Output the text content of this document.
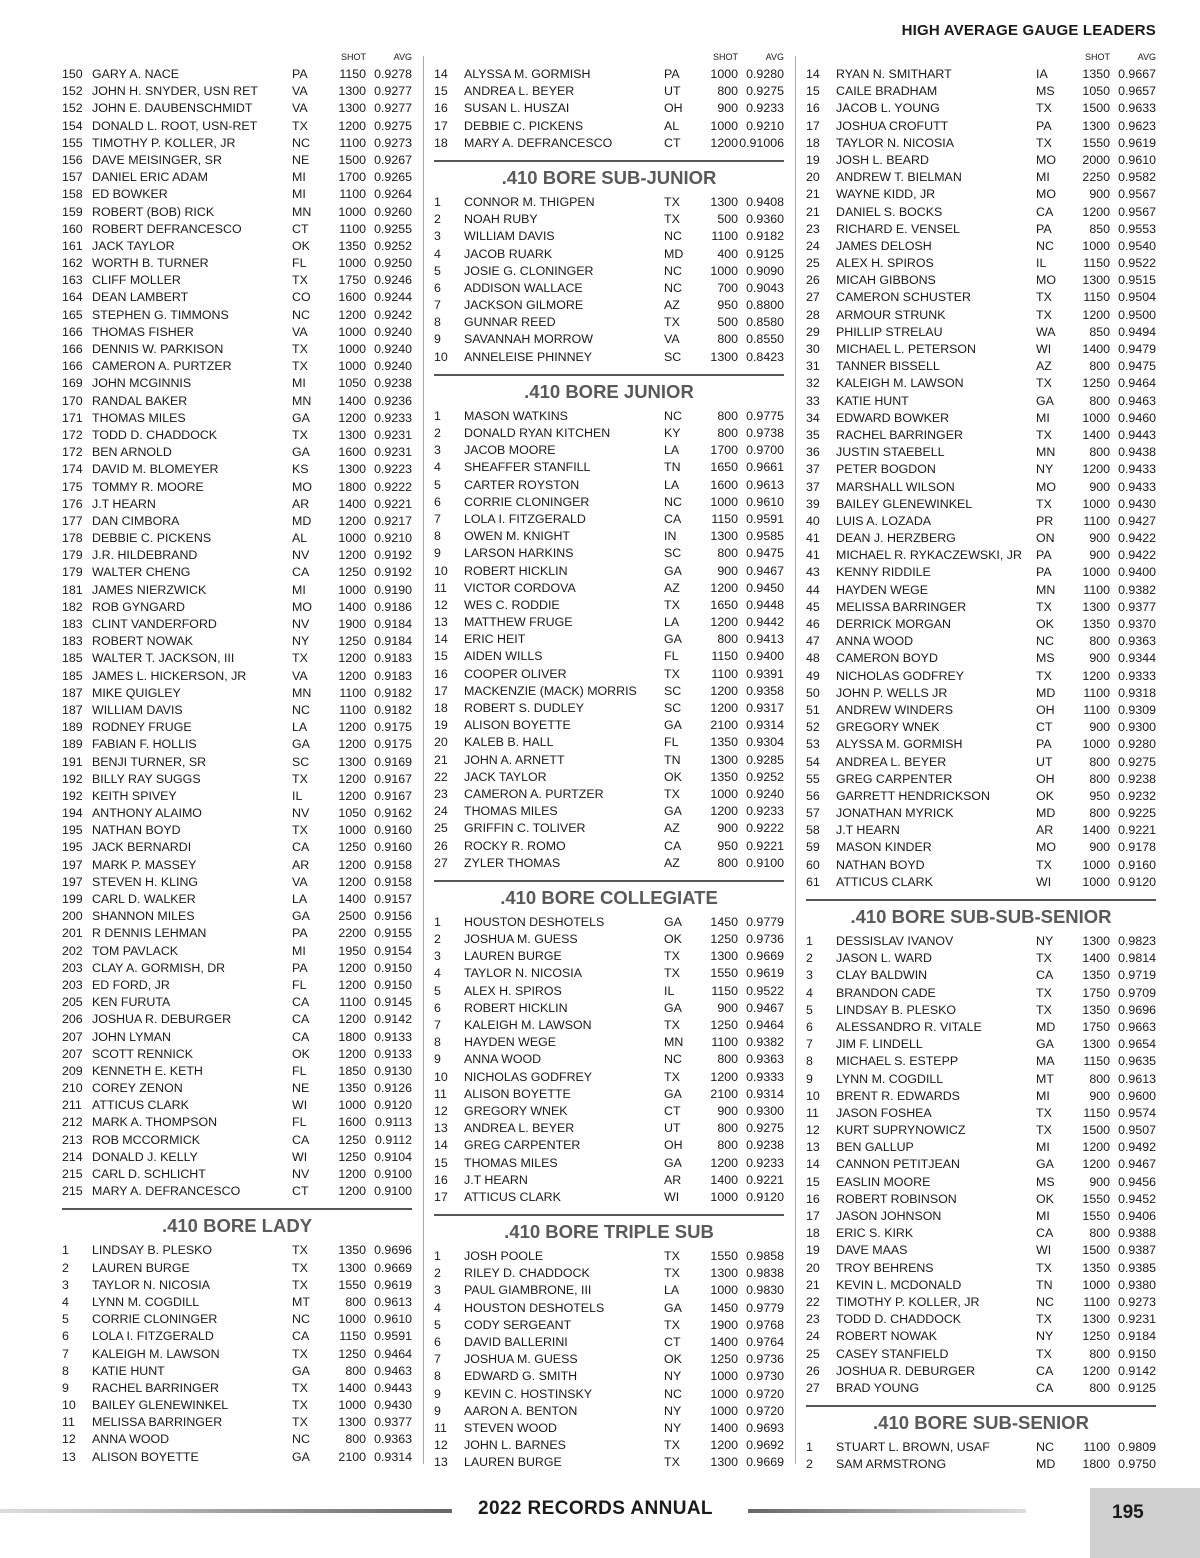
HIGH AVERAGE GAUGE LEADERS
SHOT	AVG
150 GARY A. NACE	PA	1150 0.9278
152 JOHN H. SNYDER, USN RET	VA	1300 0.9277
152 JOHN E. DAUBENSCHMIDT	VA	1300 0.9277
154 DONALD L. ROOT, USN-RET	TX	1200 0.9275
155 TIMOTHY P. KOLLER, JR	NC	1100 0.9273
156 DAVE MEISINGER, SR	NE	1500 0.9267
157 DANIEL ERIC ADAM	MI	1700 0.9265
158 ED BOWKER	MI	1100 0.9264
159 ROBERT (BOB) RICK	MN	1000 0.9260
160 ROBERT DEFRANCESCO	CT	1100 0.9255
161 JACK TAYLOR	OK	1350 0.9252
162 WORTH B. TURNER	FL	1000 0.9250
163 CLIFF MOLLER	TX	1750 0.9246
164 DEAN LAMBERT	CO	1600 0.9244
165 STEPHEN G. TIMMONS	NC	1200 0.9242
166 THOMAS FISHER	VA	1000 0.9240
166 DENNIS W. PARKISON	TX	1000 0.9240
166 CAMERON A. PURTZER	TX	1000 0.9240
169 JOHN MCGINNIS	MI	1050 0.9238
170 RANDAL BAKER	MN	1400 0.9236
171 THOMAS MILES	GA	1200 0.9233
172 TODD D. CHADDOCK	TX	1300 0.9231
172 BEN ARNOLD	GA	1600 0.9231
174 DAVID M. BLOMEYER	KS	1300 0.9223
175 TOMMY R. MOORE	MO	1800 0.9222
176 J.T HEARN	AR	1400 0.9221
177 DAN CIMBORA	MD	1200 0.9217
178 DEBBIE C. PICKENS	AL	1000 0.9210
179 J.R. HILDEBRAND	NV	1200 0.9192
179 WALTER CHENG	CA	1250 0.9192
181 JAMES NIERZWICK	MI	1000 0.9190
182 ROB GYNGARD	MO	1400 0.9186
183 CLINT VANDERFORD	NV	1900 0.9184
183 ROBERT NOWAK	NY	1250 0.9184
185 WALTER T. JACKSON, III	TX	1200 0.9183
185 JAMES L. HICKERSON, JR	VA	1200 0.9183
187 MIKE QUIGLEY	MN	1100 0.9182
187 WILLIAM DAVIS	NC	1100 0.9182
189 RODNEY FRUGE	LA	1200 0.9175
189 FABIAN F. HOLLIS	GA	1200 0.9175
191 BENJI TURNER, SR	SC	1300 0.9169
192 BILLY RAY SUGGS	TX	1200 0.9167
192 KEITH SPIVEY	IL	1200 0.9167
194 ANTHONY ALAIMO	NV	1050 0.9162
195 NATHAN BOYD	TX	1000 0.9160
195 JACK BERNARDI	CA	1250 0.9160
197 MARK P. MASSEY	AR	1200 0.9158
197 STEVEN H. KLING	VA	1200 0.9158
199 CARL D. WALKER	LA	1400 0.9157
200 SHANNON MILES	GA	2500 0.9156
201 R DENNIS LEHMAN	PA	2200 0.9155
202 TOM PAVLACK	MI	1950 0.9154
203 CLAY A. GORMISH, DR	PA	1200 0.9150
203 ED FORD, JR	FL	1200 0.9150
205 KEN FURUTA	CA	1100 0.9145
206 JOSHUA R. DEBURGER	CA	1200 0.9142
207 JOHN LYMAN	CA	1800 0.9133
207 SCOTT RENNICK	OK	1200 0.9133
209 KENNETH E. KETH	FL	1850 0.9130
210 COREY ZENON	NE	1350 0.9126
211 ATTICUS CLARK	WI	1000 0.9120
212 MARK A. THOMPSON	FL	1600 0.9113
213 ROB MCCORMICK	CA	1250 0.9112
214 DONALD J. KELLY	WI	1250 0.9104
215 CARL D. SCHLICHT	NV	1200 0.9100
215 MARY A. DEFRANCESCO	CT	1200 0.9100
.410 BORE LADY
1 LINDSAY B. PLESKO	TX	1350 0.9696
2 LAUREN BURGE	TX	1300 0.9669
3 TAYLOR N. NICOSIA	TX	1550 0.9619
4 LYNN M. COGDILL	MT	800 0.9613
5 CORRIE CLONINGER	NC	1000 0.9610
6 LOLA I. FITZGERALD	CA	1150 0.9591
7 KALEIGH M. LAWSON	TX	1250 0.9464
8 KATIE HUNT	GA	800 0.9463
9 RACHEL BARRINGER	TX	1400 0.9443
10 BAILEY GLENEWINKEL	TX	1000 0.9430
11 MELISSA BARRINGER	TX	1300 0.9377
12 ANNA WOOD	NC	800 0.9363
13 ALISON BOYETTE	GA	2100 0.9314
SHOT	AVG
14 ALYSSA M. GORMISH	PA	1000 0.9280
15 ANDREA L. BEYER	UT	800 0.9275
16 SUSAN L. HUSZAI	OH	900 0.9233
17 DEBBIE C. PICKENS	AL	1000 0.9210
18 MARY A. DEFRANCESCO	CT	1200 0.91006
.410 BORE SUB-JUNIOR
1 CONNOR M. THIGPEN	TX	1300 0.9408
2 NOAH RUBY	TX	500 0.9360
3 WILLIAM DAVIS	NC	1100 0.9182
4 JACOB RUARK	MD	400 0.9125
5 JOSIE G. CLONINGER	NC	1000 0.9090
6 ADDISON WALLACE	NC	700 0.9043
7 JACKSON GILMORE	AZ	950 0.8800
8 GUNNAR REED	TX	500 0.8580
9 SAVANNAH MORROW	VA	800 0.8550
10 ANNELEISE PHINNEY	SC	1300 0.8423
.410 BORE JUNIOR
1 MASON WATKINS	NC	800 0.9775
2 DONALD RYAN KITCHEN	KY	800 0.9738
3 JACOB MOORE	LA	1700 0.9700
4 SHEAFFER STANFILL	TN	1650 0.9661
5 CARTER ROYSTON	LA	1600 0.9613
6 CORRIE CLONINGER	NC	1000 0.9610
7 LOLA I. FITZGERALD	CA	1150 0.9591
8 OWEN M. KNIGHT	IN	1300 0.9585
9 LARSON HARKINS	SC	800 0.9475
10 ROBERT HICKLIN	GA	900 0.9467
11 VICTOR CORDOVA	AZ	1200 0.9450
12 WES C. RODDIE	TX	1650 0.9448
13 MATTHEW FRUGE	LA	1200 0.9442
14 ERIC HEIT	GA	800 0.9413
15 AIDEN WILLS	FL	1150 0.9400
16 COOPER OLIVER	TX	1100 0.9391
17 MACKENZIE (MACK) MORRIS SC	1200 0.9358
18 ROBERT S. DUDLEY	SC	1200 0.9317
19 ALISON BOYETTE	GA	2100 0.9314
20 KALEB B. HALL	FL	1350 0.9304
21 JOHN A. ARNETT	TN	1300 0.9285
22 JACK TAYLOR	OK	1350 0.9252
23 CAMERON A. PURTZER	TX	1000 0.9240
24 THOMAS MILES	GA	1200 0.9233
25 GRIFFIN C. TOLIVER	AZ	900 0.9222
26 ROCKY R. ROMO	CA	950 0.9221
27 ZYLER THOMAS	AZ	800 0.9100
.410 BORE COLLEGIATE
1 HOUSTON DESHOTELS	GA	1450 0.9779
2 JOSHUA M. GUESS	OK	1250 0.9736
3 LAUREN BURGE	TX	1300 0.9669
4 TAYLOR N. NICOSIA	TX	1550 0.9619
5 ALEX H. SPIROS	IL	1150 0.9522
6 ROBERT HICKLIN	GA	900 0.9467
7 KALEIGH M. LAWSON	TX	1250 0.9464
8 HAYDEN WEGE	MN	1100 0.9382
9 ANNA WOOD	NC	800 0.9363
10 NICHOLAS GODFREY	TX	1200 0.9333
11 ALISON BOYETTE	GA	2100 0.9314
12 GREGORY WNEK	CT	900 0.9300
13 ANDREA L. BEYER	UT	800 0.9275
14 GREG CARPENTER	OH	800 0.9238
15 THOMAS MILES	GA	1200 0.9233
16 J.T HEARN	AR	1400 0.9221
17 ATTICUS CLARK	WI	1000 0.9120
.410 BORE TRIPLE SUB
1 JOSH POOLE	TX	1550 0.9858
2 RILEY D. CHADDOCK	TX	1300 0.9838
3 PAUL GIAMBRONE, III	LA	1000 0.9830
4 HOUSTON DESHOTELS	GA	1450 0.9779
5 CODY SERGEANT	TX	1900 0.9768
6 DAVID BALLERINI	CT	1400 0.9764
7 JOSHUA M. GUESS	OK	1250 0.9736
8 EDWARD G. SMITH	NY	1000 0.9730
9 KEVIN C. HOSTINSKY	NC	1000 0.9720
9 AARON A. BENTON	NY	1000 0.9720
11 STEVEN WOOD	NY	1400 0.9693
12 JOHN L. BARNES	TX	1200 0.9692
13 LAUREN BURGE	TX	1300 0.9669
SHOT	AVG
14 RYAN N. SMITHART	IA	1350 0.9667
15 CAILE BRADHAM	MS	1050 0.9657
16 JACOB L. YOUNG	TX	1500 0.9633
17 JOSHUA CROFUTT	PA	1300 0.9623
18 TAYLOR N. NICOSIA	TX	1550 0.9619
19 JOSH L. BEARD	MO	2000 0.9610
20 ANDREW T. BIELMAN	MI	2250 0.9582
21 WAYNE KIDD, JR	MO	900 0.9567
21 DANIEL S. BOCKS	CA	1200 0.9567
23 RICHARD E. VENSEL	PA	850 0.9553
24 JAMES DELOSH	NC	1000 0.9540
25 ALEX H. SPIROS	IL	1150 0.9522
26 MICAH GIBBONS	MO	1300 0.9515
27 CAMERON SCHUSTER	TX	1150 0.9504
28 ARMOUR STRUNK	TX	1200 0.9500
29 PHILLIP STRELAU	WA	850 0.9494
30 MICHAEL L. PETERSON	WI	1400 0.9479
31 TANNER BISSELL	AZ	800 0.9475
32 KALEIGH M. LAWSON	TX	1250 0.9464
33 KATIE HUNT	GA	800 0.9463
34 EDWARD BOWKER	MI	1000 0.9460
35 RACHEL BARRINGER	TX	1400 0.9443
36 JUSTIN STAEBELL	MN	800 0.9438
37 PETER BOGDON	NY	1200 0.9433
37 MARSHALL WILSON	MO	900 0.9433
39 BAILEY GLENEWINKEL	TX	1000 0.9430
40 LUIS A. LOZADA	PR	1100 0.9427
41 DEAN J. HERZBERG	ON	900 0.9422
41 MICHAEL R. RYKACZEWSKI, JR PA	900 0.9422
43 KENNY RIDDILE	PA	1000 0.9400
44 HAYDEN WEGE	MN	1100 0.9382
45 MELISSA BARRINGER	TX	1300 0.9377
46 DERRICK MORGAN	OK	1350 0.9370
47 ANNA WOOD	NC	800 0.9363
48 CAMERON BOYD	MS	900 0.9344
49 NICHOLAS GODFREY	TX	1200 0.9333
50 JOHN P. WELLS JR	MD	1100 0.9318
51 ANDREW WINDERS	OH	1100 0.9309
52 GREGORY WNEK	CT	900 0.9300
53 ALYSSA M. GORMISH	PA	1000 0.9280
54 ANDREA L. BEYER	UT	800 0.9275
55 GREG CARPENTER	OH	800 0.9238
56 GARRETT HENDRICKSON	OK	950 0.9232
57 JONATHAN MYRICK	MD	800 0.9225
58 J.T HEARN	AR	1400 0.9221
59 MASON KINDER	MO	900 0.9178
60 NATHAN BOYD	TX	1000 0.9160
61 ATTICUS CLARK	WI	1000 0.9120
.410 BORE SUB-SUB-SENIOR
1 DESSISLAV IVANOV	NY	1300 0.9823
2 JASON L. WARD	TX	1400 0.9814
3 CLAY BALDWIN	CA	1350 0.9719
4 BRANDON CADE	TX	1750 0.9709
5 LINDSAY B. PLESKO	TX	1350 0.9696
6 ALESSANDRO R. VITALE	MD	1750 0.9663
7 JIM F. LINDELL	GA	1300 0.9654
8 MICHAEL S. ESTEPP	MA	1150 0.9635
9 LYNN M. COGDILL	MT	800 0.9613
10 BRENT R. EDWARDS	MI	900 0.9600
11 JASON FOSHEA	TX	1150 0.9574
12 KURT SUPRYNOWICZ	TX	1500 0.9507
13 BEN GALLUP	MI	1200 0.9492
14 CANNON PETITJEAN	GA	1200 0.9467
15 EASLIN MOORE	MS	900 0.9456
16 ROBERT ROBINSON	OK	1550 0.9452
17 JASON JOHNSON	MI	1550 0.9406
18 ERIC S. KIRK	CA	800 0.9388
19 DAVE MAAS	WI	1500 0.9387
20 TROY BEHRENS	TX	1350 0.9385
21 KEVIN L. MCDONALD	TN	1000 0.9380
22 TIMOTHY P. KOLLER, JR	NC	1100 0.9273
23 TODD D. CHADDOCK	TX	1300 0.9231
24 ROBERT NOWAK	NY	1250 0.9184
25 CASEY STANFIELD	TX	800 0.9150
26 JOSHUA R. DEBURGER	CA	1200 0.9142
27 BRAD YOUNG	CA	800 0.9125
.410 BORE SUB-SENIOR
1 STUART L. BROWN, USAF	NC	1100 0.9809
2 SAM ARMSTRONG	MD	1800 0.9750
2022 RECORDS ANNUAL	195
